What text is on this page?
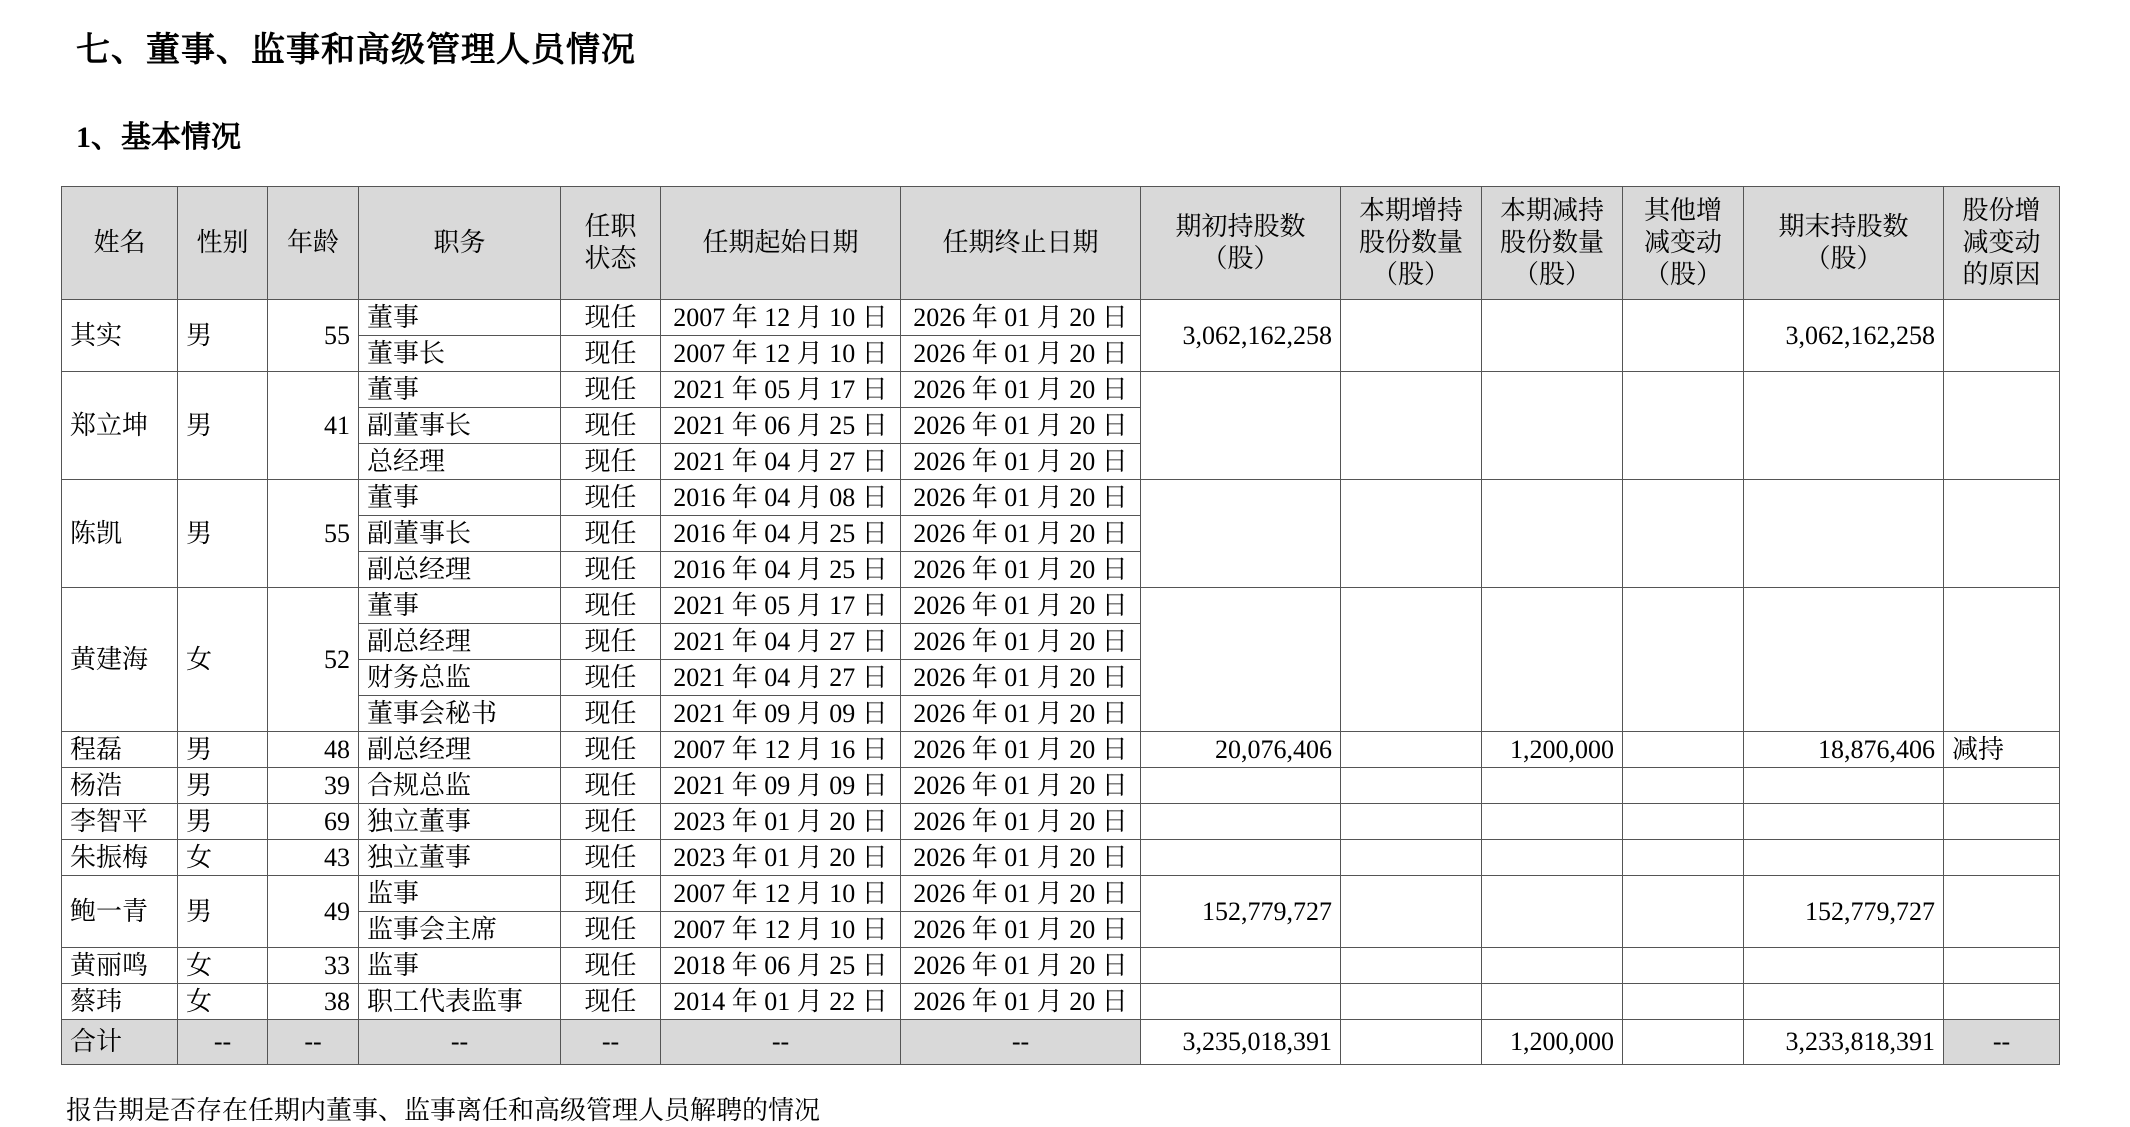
七、董事、监事和高级管理人员情况
1、基本情况
姓名	性别	年龄	职务	任职状态	任期起始日期	任期终止日期	期初持股数（股）	本期增持股份数量（股）	本期减持股份数量（股）	其他增减变动（股）	期末持股数（股）	股份增减变动的原因
其实	男	55	董事	现任	2007 年 12 月 10 日	2026 年 01 月 20 日	3,062,162,258				3,062,162,258	
			董事长	现任	2007 年 12 月 10 日	2026 年 01 月 20 日						
郑立坤	男	41	董事	现任	2021 年 05 月 17 日	2026 年 01 月 20 日						
			副董事长	现任	2021 年 06 月 25 日	2026 年 01 月 20 日						
			总经理	现任	2021 年 04 月 27 日	2026 年 01 月 20 日						
陈凯	男	55	董事	现任	2016 年 04 月 08 日	2026 年 01 月 20 日						
			副董事长	现任	2016 年 04 月 25 日	2026 年 01 月 20 日						
			副总经理	现任	2016 年 04 月 25 日	2026 年 01 月 20 日						
黄建海	女	52	董事	现任	2021 年 05 月 17 日	2026 年 01 月 20 日						
			副总经理	现任	2021 年 04 月 27 日	2026 年 01 月 20 日						
			财务总监	现任	2021 年 04 月 27 日	2026 年 01 月 20 日						
			董事会秘书	现任	2021 年 09 月 09 日	2026 年 01 月 20 日						
程磊	男	48	副总经理	现任	2007 年 12 月 16 日	2026 年 01 月 20 日	20,076,406		1,200,000		18,876,406	减持
杨浩	男	39	合规总监	现任	2021 年 09 月 09 日	2026 年 01 月 20 日						
李智平	男	69	独立董事	现任	2023 年 01 月 20 日	2026 年 01 月 20 日						
朱振梅	女	43	独立董事	现任	2023 年 01 月 20 日	2026 年 01 月 20 日						
鲍一青	男	49	监事	现任	2007 年 12 月 10 日	2026 年 01 月 20 日	152,779,727				152,779,727	
			监事会主席	现任	2007 年 12 月 10 日	2026 年 01 月 20 日						
黄丽鸣	女	33	监事	现任	2018 年 06 月 25 日	2026 年 01 月 20 日						
蔡玮	女	38	职工代表监事	现任	2014 年 01 月 22 日	2026 年 01 月 20 日						
合计	--	--	--	--	--	--	3,235,018,391		1,200,000		3,233,818,391	--

报告期是否存在任期内董事、监事离任和高级管理人员解聘的情况
